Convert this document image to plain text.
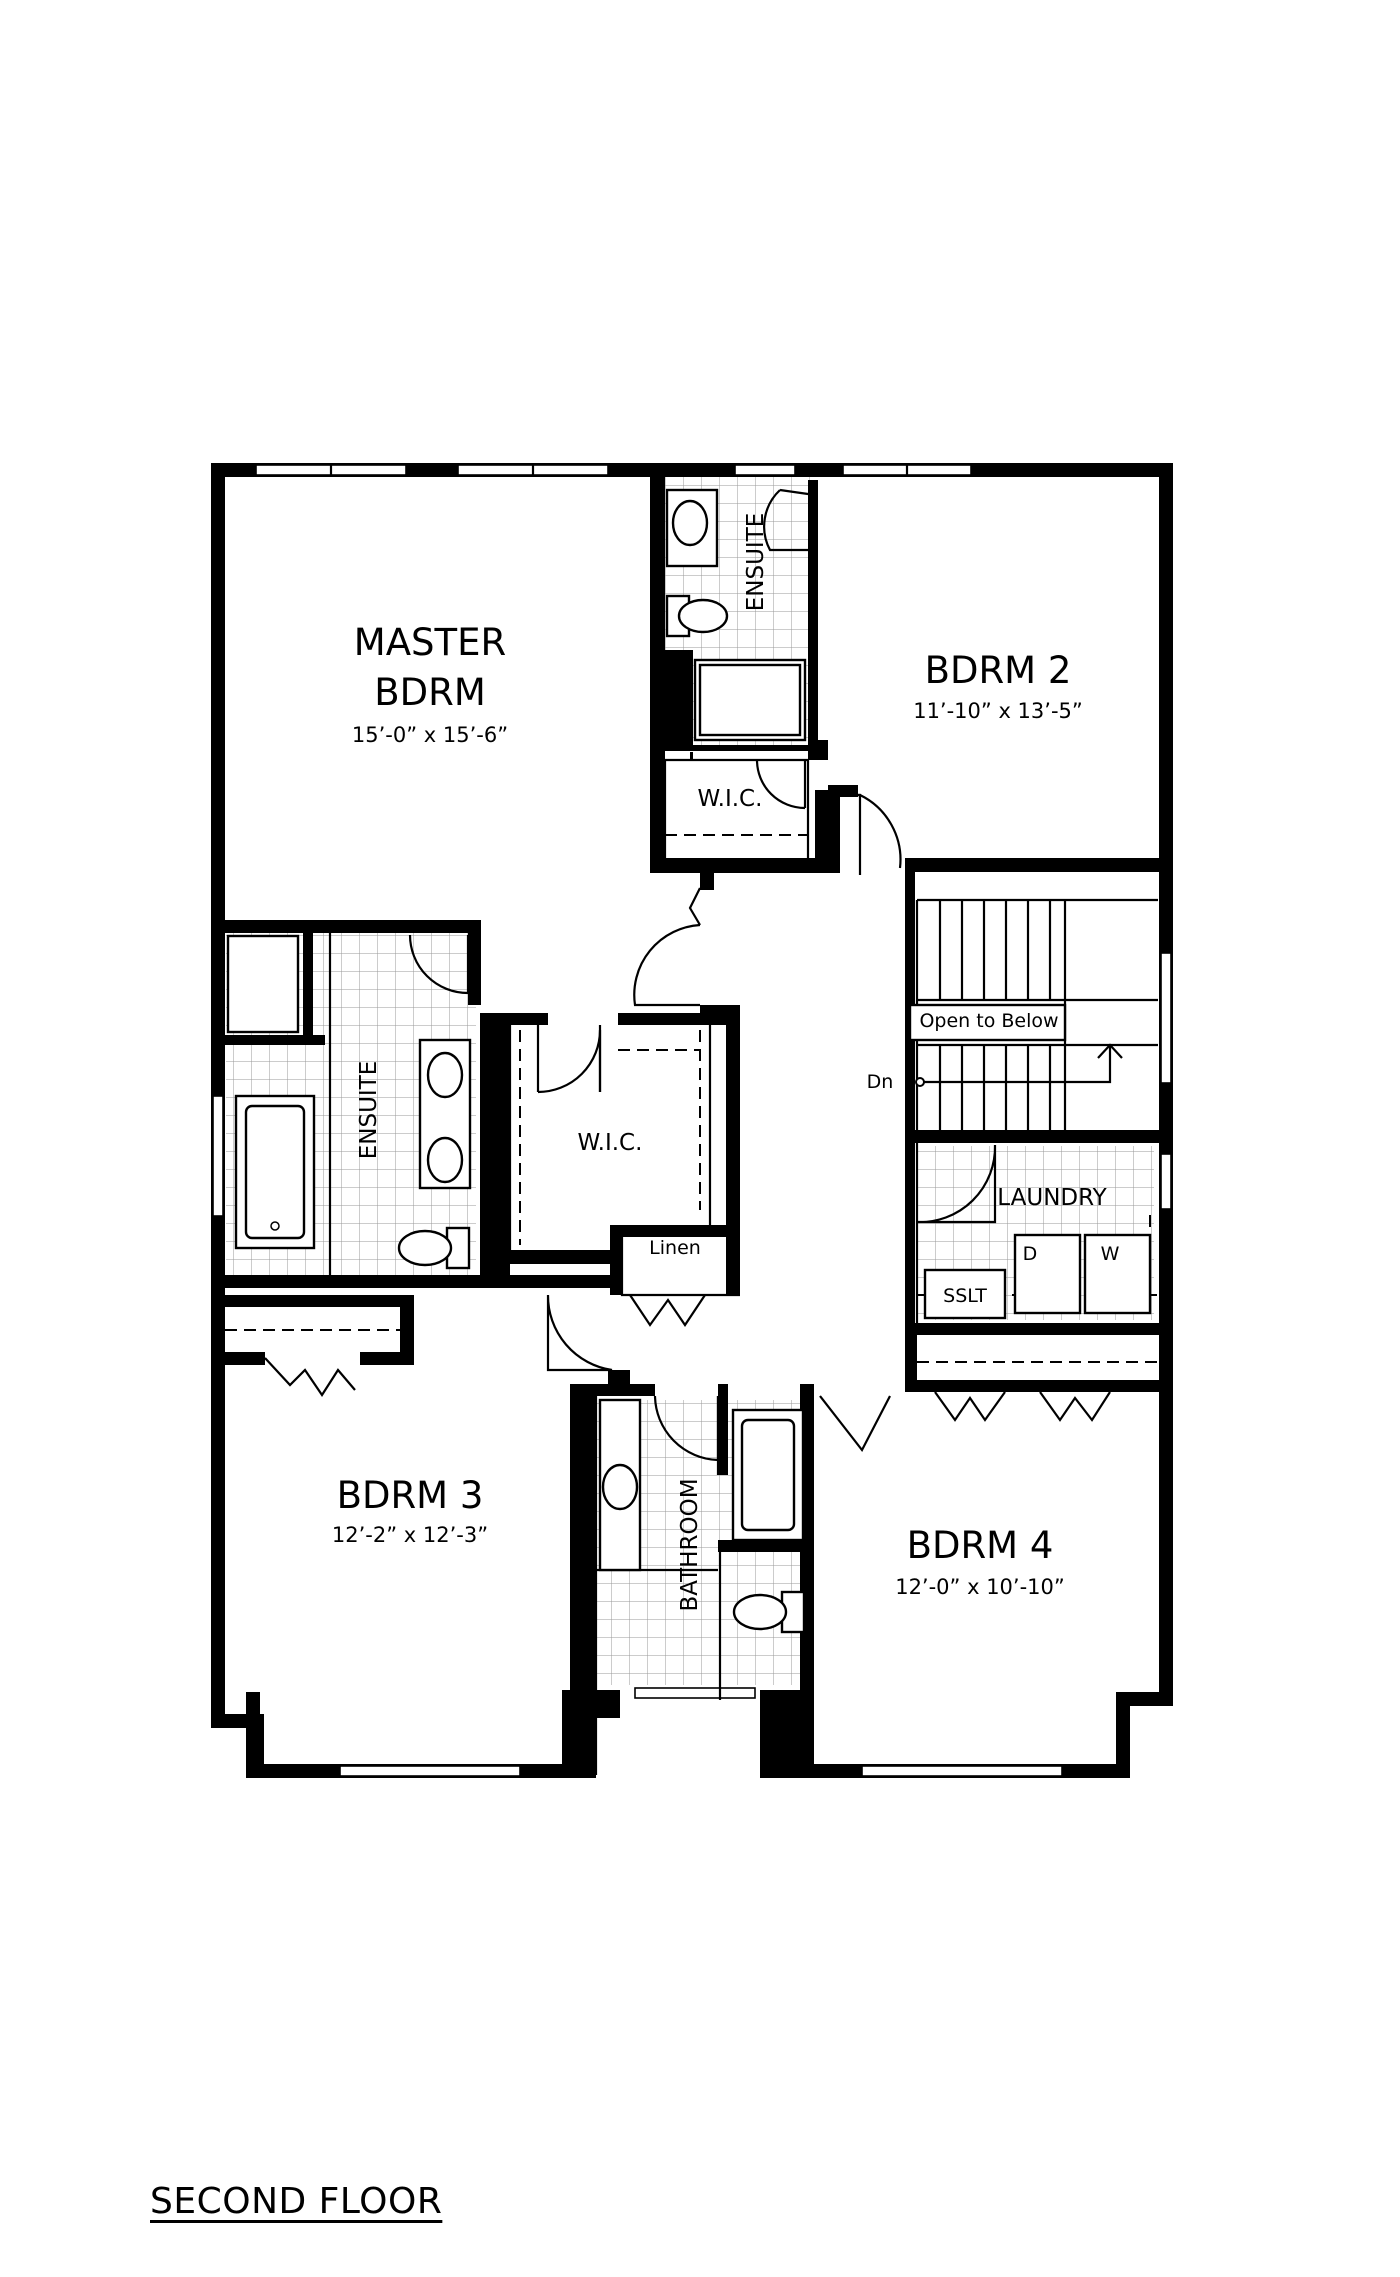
MASTER
BDRM
15’-0” x 15’-6”
BDRM 2
11’-10” x 13’-5”
BDRM 3
12’-2” x 12’-3”	BDRM 4
12’-0” x 10’-10”
ENSUITE
ENSUITE
W.I.C.
W.I.C.
LAUNDRY
Linen
BATHROOM
Open to Below
Dn
D	W
SSLT
SECOND FLOOR
